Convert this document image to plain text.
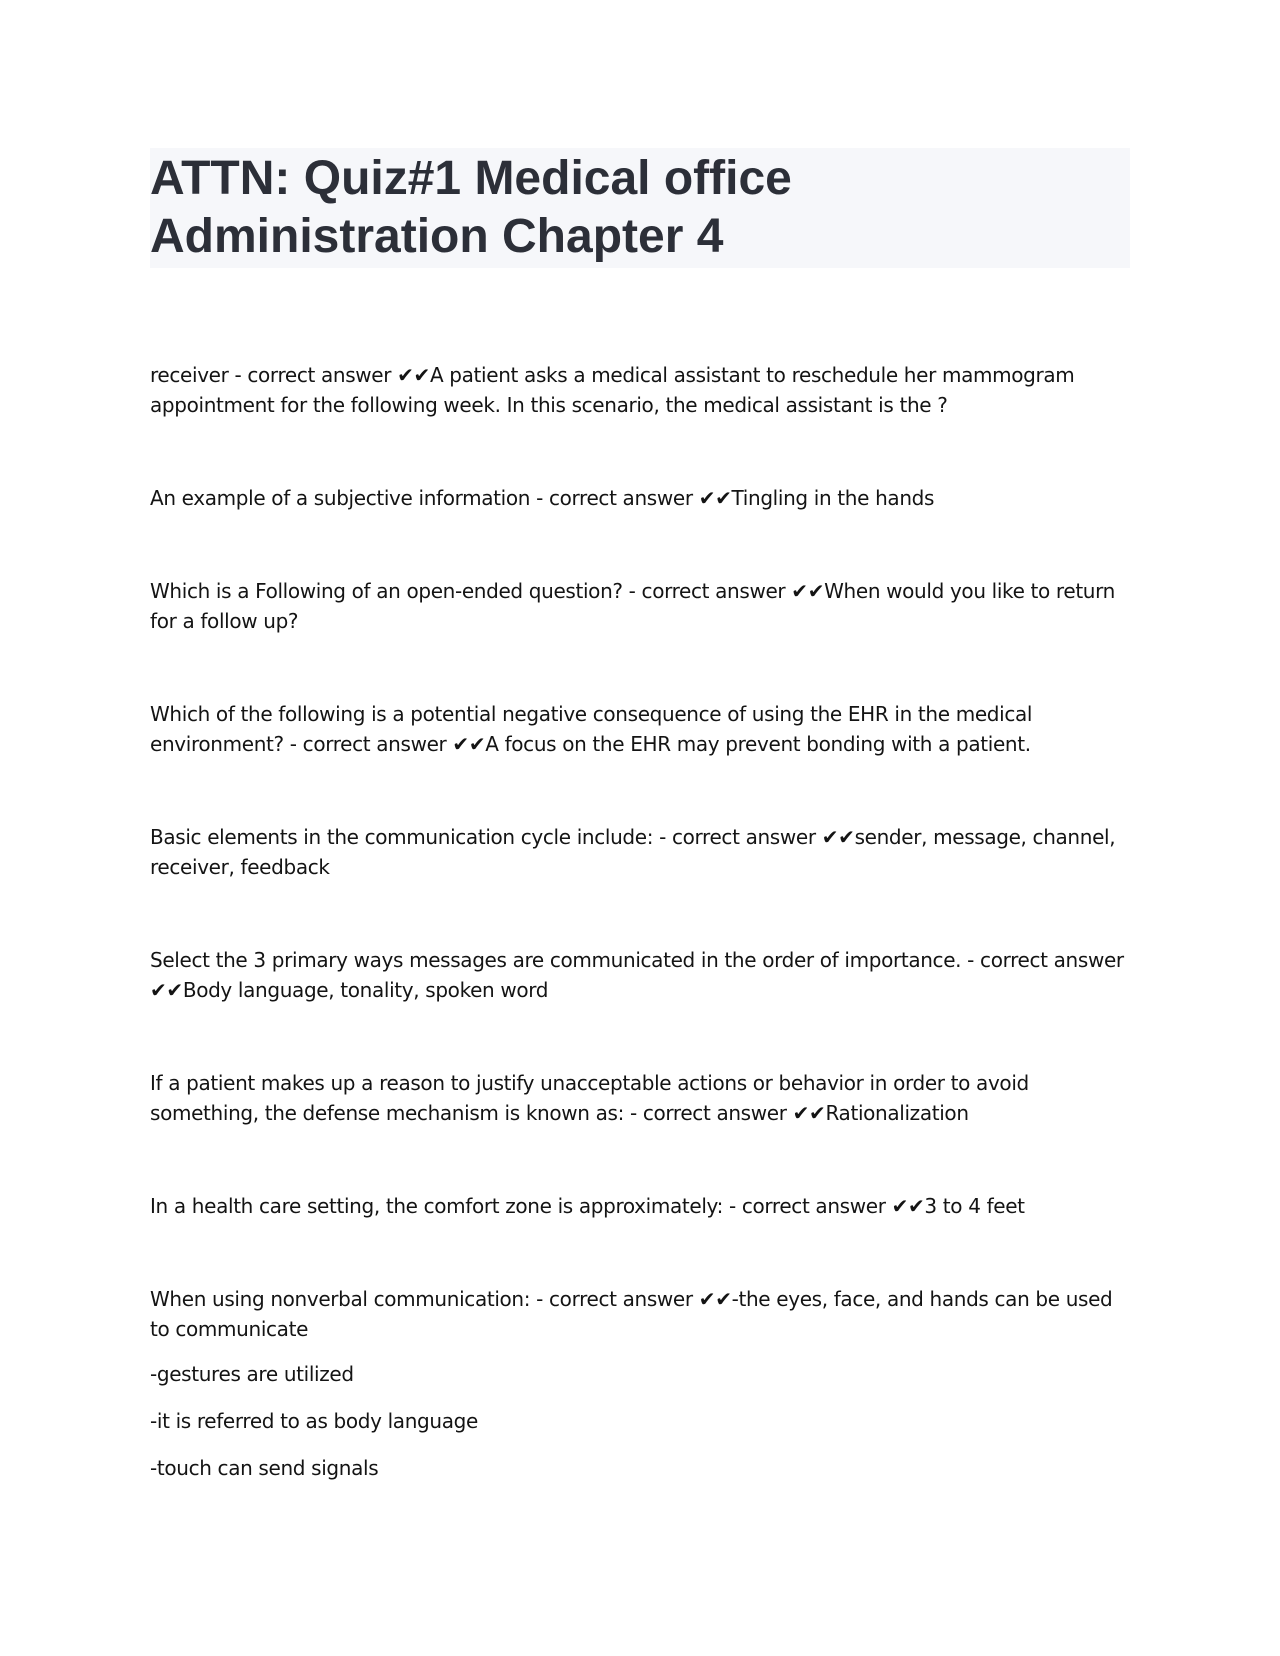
ATTN: Quiz#1 Medical office Administration Chapter 4

receiver - correct answer ✔✔A patient asks a medical assistant to reschedule her mammogram appointment for the following week. In this scenario, the medical assistant is the ?

An example of a subjective information - correct answer ✔✔Tingling in the hands

Which is a Following of an open-ended question? - correct answer ✔✔When would you like to return for a follow up?

Which of the following is a potential negative consequence of using the EHR in the medical environment? - correct answer ✔✔A focus on the EHR may prevent bonding with a patient.

Basic elements in the communication cycle include: - correct answer ✔✔sender, message, channel, receiver, feedback

Select the 3 primary ways messages are communicated in the order of importance. - correct answer ✔✔Body language, tonality, spoken word

If a patient makes up a reason to justify unacceptable actions or behavior in order to avoid something, the defense mechanism is known as: - correct answer ✔✔Rationalization

In a health care setting, the comfort zone is approximately: - correct answer ✔✔3 to 4 feet

When using nonverbal communication: - correct answer ✔✔-the eyes, face, and hands can be used to communicate

-gestures are utilized
-it is referred to as body language
-touch can send signals
